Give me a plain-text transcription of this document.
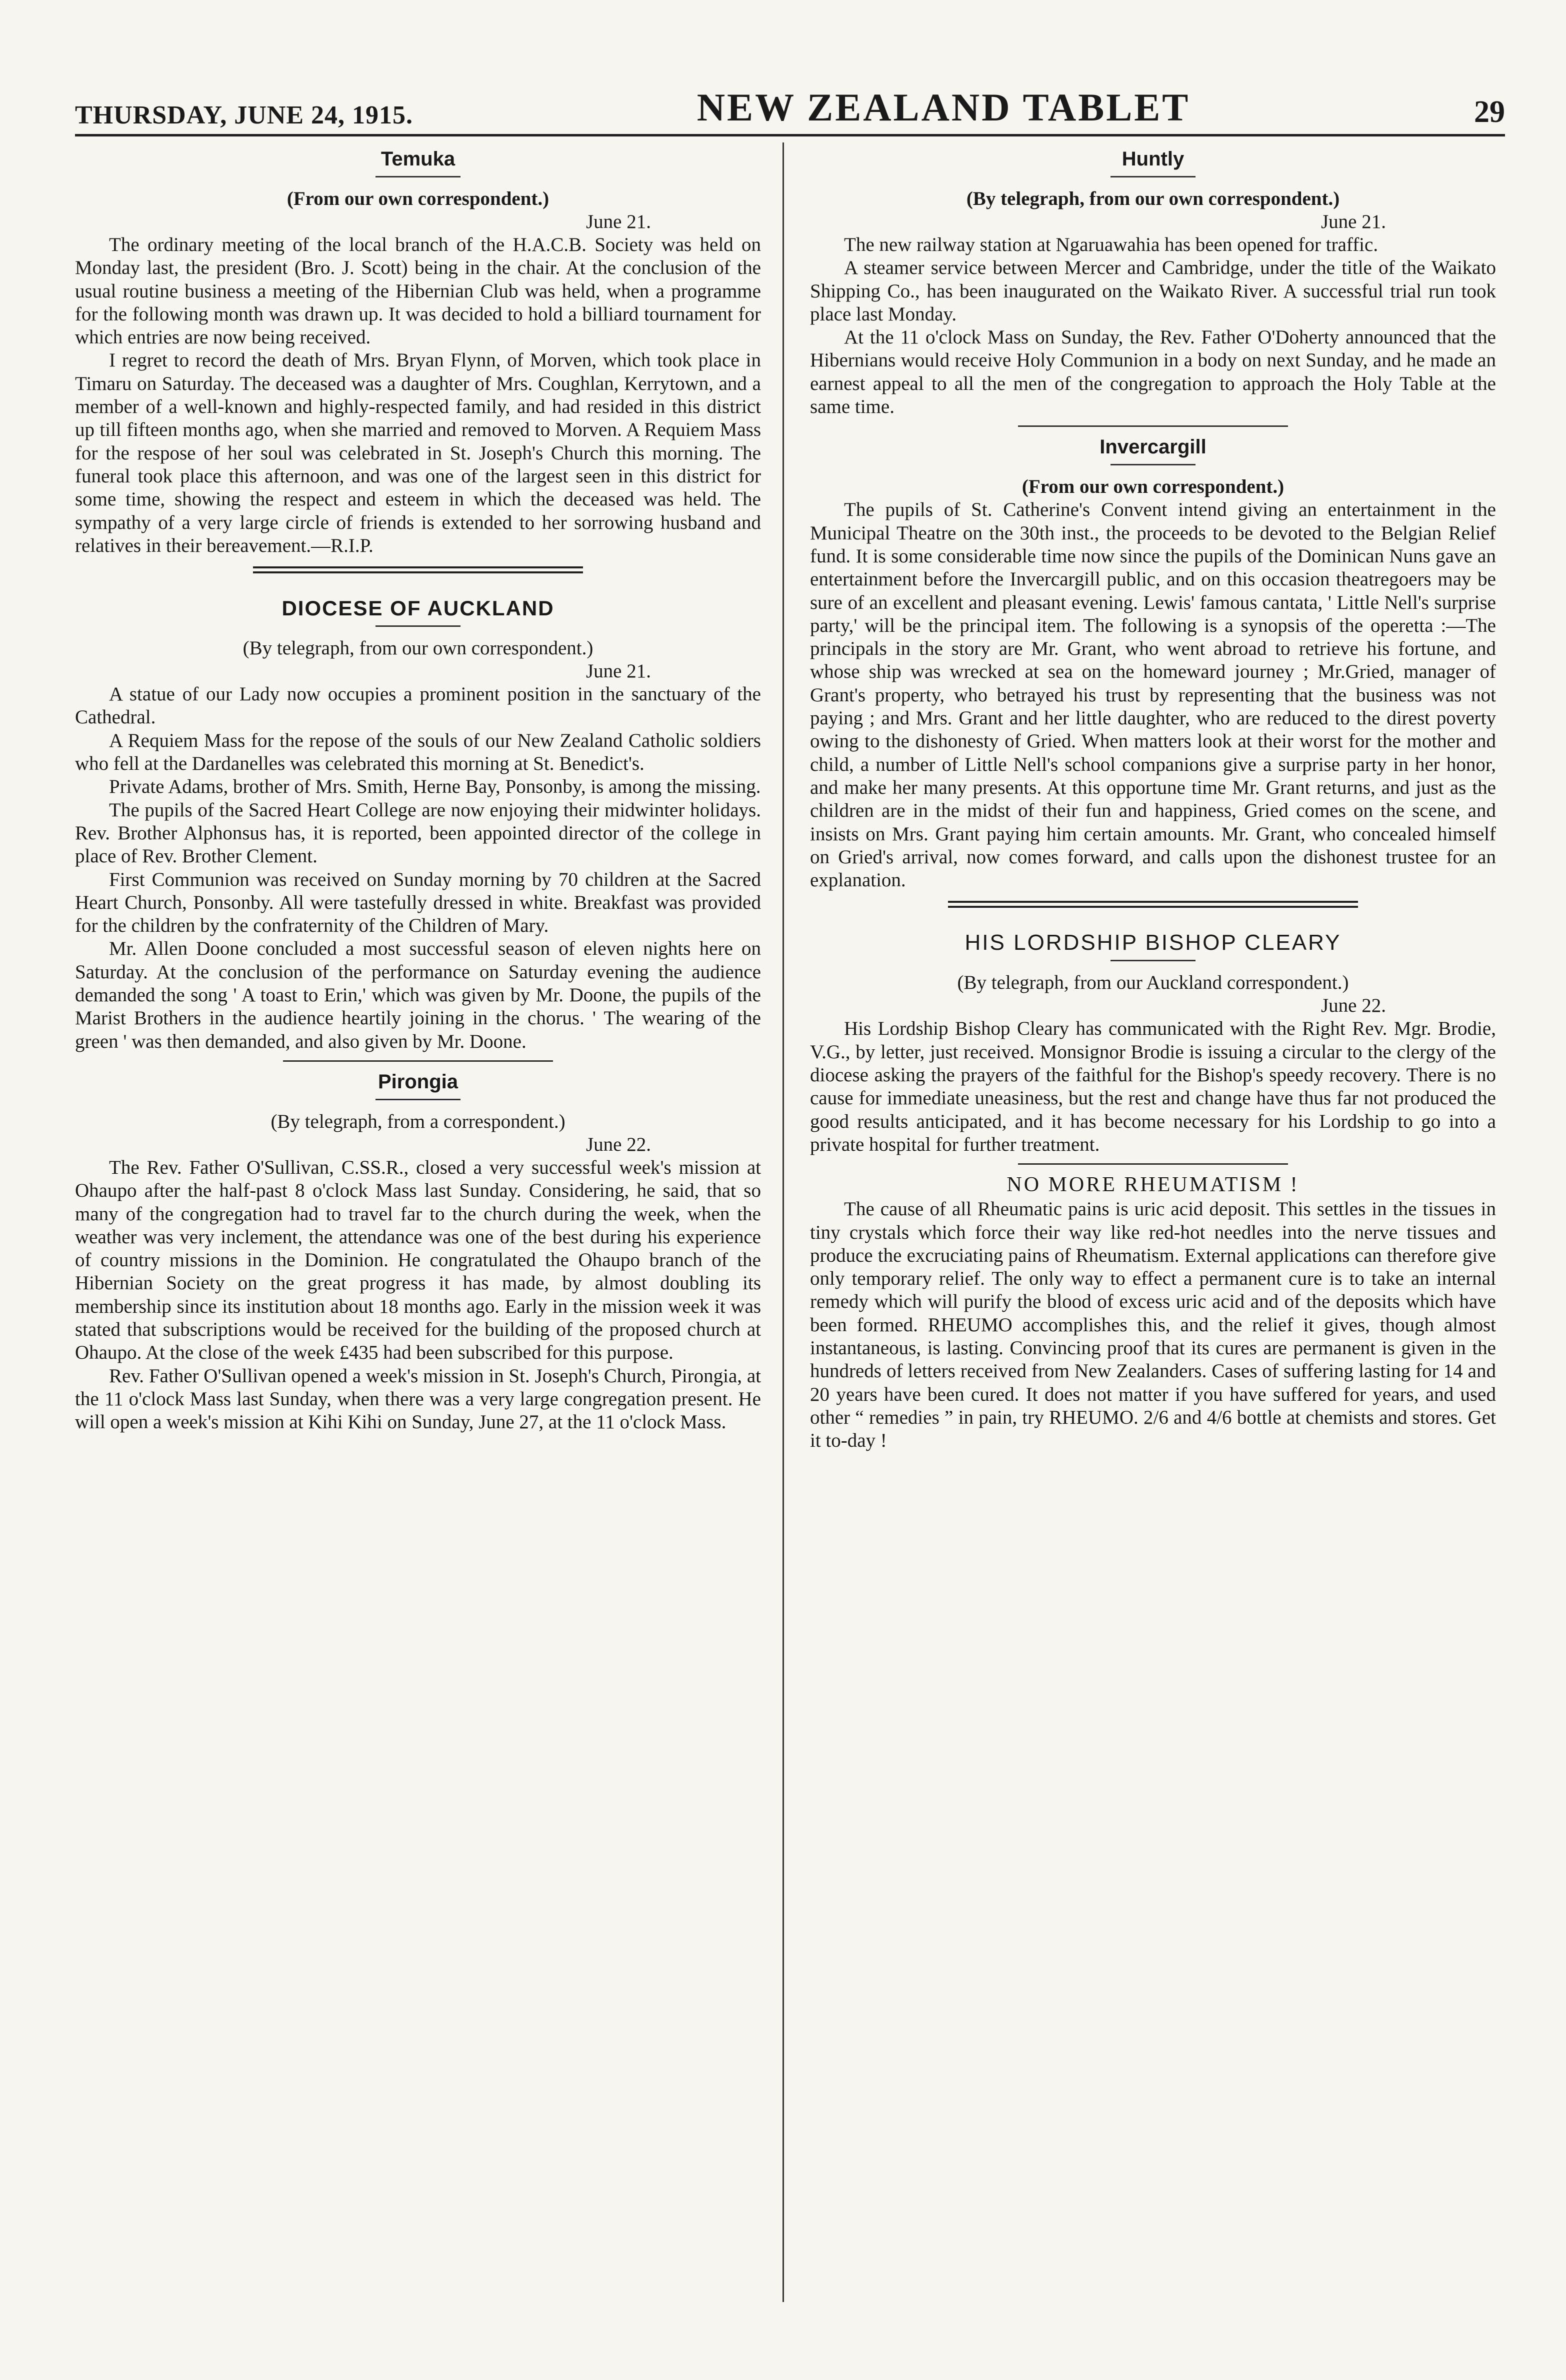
THURSDAY, JUNE 24, 1915.	NEW ZEALAND TABLET	29
Temuka

(From our own correspondent.)

June 21.

The ordinary meeting of the local branch of the H.A.C.B. Society was held on Monday last, the president (Bro. J. Scott) being in the chair. At the conclusion of the usual routine business a meeting of the Hibernian Club was held, when a programme for the following month was drawn up. It was decided to hold a billiard tournament for which entries are now being received.

I regret to record the death of Mrs. Bryan Flynn, of Morven, which took place in Timaru on Saturday. The deceased was a daughter of Mrs. Coughlan, Kerrytown, and a member of a well-known and highly-respected family, and had resided in this district up till fifteen months ago, when she married and removed to Morven. A Requiem Mass for the respose of her soul was celebrated in St. Joseph's Church this morning. The funeral took place this afternoon, and was one of the largest seen in this district for some time, showing the respect and esteem in which the deceased was held. The sympathy of a very large circle of friends is extended to her sorrowing husband and relatives in their bereavement.—R.I.P.

DIOCESE OF AUCKLAND

(By telegraph, from our own correspondent.)

June 21.

A statue of our Lady now occupies a prominent position in the sanctuary of the Cathedral.

A Requiem Mass for the repose of the souls of our New Zealand Catholic soldiers who fell at the Dardanelles was celebrated this morning at St. Benedict's.

Private Adams, brother of Mrs. Smith, Herne Bay, Ponsonby, is among the missing.

The pupils of the Sacred Heart College are now enjoying their midwinter holidays. Rev. Brother Alphonsus has, it is reported, been appointed director of the college in place of Rev. Brother Clement.

First Communion was received on Sunday morning by 70 children at the Sacred Heart Church, Ponsonby. All were tastefully dressed in white. Breakfast was provided for the children by the confraternity of the Children of Mary.

Mr. Allen Doone concluded a most successful season of eleven nights here on Saturday. At the conclusion of the performance on Saturday evening the audience demanded the song ' A toast to Erin,' which was given by Mr. Doone, the pupils of the Marist Brothers in the audience heartily joining in the chorus. ' The wearing of the green ' was then demanded, and also given by Mr. Doone.

Pirongia

(By telegraph, from a correspondent.)

June 22.

The Rev. Father O'Sullivan, C.SS.R., closed a very successful week's mission at Ohaupo after the half-past 8 o'clock Mass last Sunday. Considering, he said, that so many of the congregation had to travel far to the church during the week, when the weather was very inclement, the attendance was one of the best during his experience of country missions in the Dominion. He congratulated the Ohaupo branch of the Hibernian Society on the great progress it has made, by almost doubling its membership since its institution about 18 months ago. Early in the mission week it was stated that subscriptions would be received for the building of the proposed church at Ohaupo. At the close of the week £435 had been subscribed for this purpose.

Rev. Father O'Sullivan opened a week's mission in St. Joseph's Church, Pirongia, at the 11 o'clock Mass last Sunday, when there was a very large congregation present. He will open a week's mission at Kihi Kihi on Sunday, June 27, at the 11 o'clock Mass.

Huntly

(By telegraph, from our own correspondent.)

June 21.

The new railway station at Ngaruawahia has been opened for traffic.

A steamer service between Mercer and Cambridge, under the title of the Waikato Shipping Co., has been inaugurated on the Waikato River. A successful trial run took place last Monday.

At the 11 o'clock Mass on Sunday, the Rev. Father O'Doherty announced that the Hibernians would receive Holy Communion in a body on next Sunday, and he made an earnest appeal to all the men of the congregation to approach the Holy Table at the same time.

Invercargill

(From our own correspondent.)

The pupils of St. Catherine's Convent intend giving an entertainment in the Municipal Theatre on the 30th inst., the proceeds to be devoted to the Belgian Relief fund. It is some considerable time now since the pupils of the Dominican Nuns gave an entertainment before the Invercargill public, and on this occasion theatregoers may be sure of an excellent and pleasant evening. Lewis' famous cantata, ' Little Nell's surprise party,' will be the principal item. The following is a synopsis of the operetta :—The principals in the story are Mr. Grant, who went abroad to retrieve his fortune, and whose ship was wrecked at sea on the homeward journey ; Mr.Gried, manager of Grant's property, who betrayed his trust by representing that the business was not paying ; and Mrs. Grant and her little daughter, who are reduced to the direst poverty owing to the dishonesty of Gried. When matters look at their worst for the mother and child, a number of Little Nell's school companions give a surprise party in her honor, and make her many presents. At this opportune time Mr. Grant returns, and just as the children are in the midst of their fun and happiness, Gried comes on the scene, and insists on Mrs. Grant paying him certain amounts. Mr. Grant, who concealed himself on Gried's arrival, now comes forward, and calls upon the dishonest trustee for an explanation.

HIS LORDSHIP BISHOP CLEARY

(By telegraph, from our Auckland correspondent.)

June 22.

His Lordship Bishop Cleary has communicated with the Right Rev. Mgr. Brodie, V.G., by letter, just received. Monsignor Brodie is issuing a circular to the clergy of the diocese asking the prayers of the faithful for the Bishop's speedy recovery. There is no cause for immediate uneasiness, but the rest and change have thus far not produced the good results anticipated, and it has become necessary for his Lordship to go into a private hospital for further treatment.

NO MORE RHEUMATISM !

The cause of all Rheumatic pains is uric acid deposit. This settles in the tissues in tiny crystals which force their way like red-hot needles into the nerve tissues and produce the excruciating pains of Rheumatism. External applications can therefore give only temporary relief. The only way to effect a permanent cure is to take an internal remedy which will purify the blood of excess uric acid and of the deposits which have been formed. RHEUMO accomplishes this, and the relief it gives, though almost instantaneous, is lasting. Convincing proof that its cures are permanent is given in the hundreds of letters received from New Zealanders. Cases of suffering lasting for 14 and 20 years have been cured. It does not matter if you have suffered for years, and used other “ remedies ” in pain, try RHEUMO. 2/6 and 4/6 bottle at chemists and stores. Get it to-day !
